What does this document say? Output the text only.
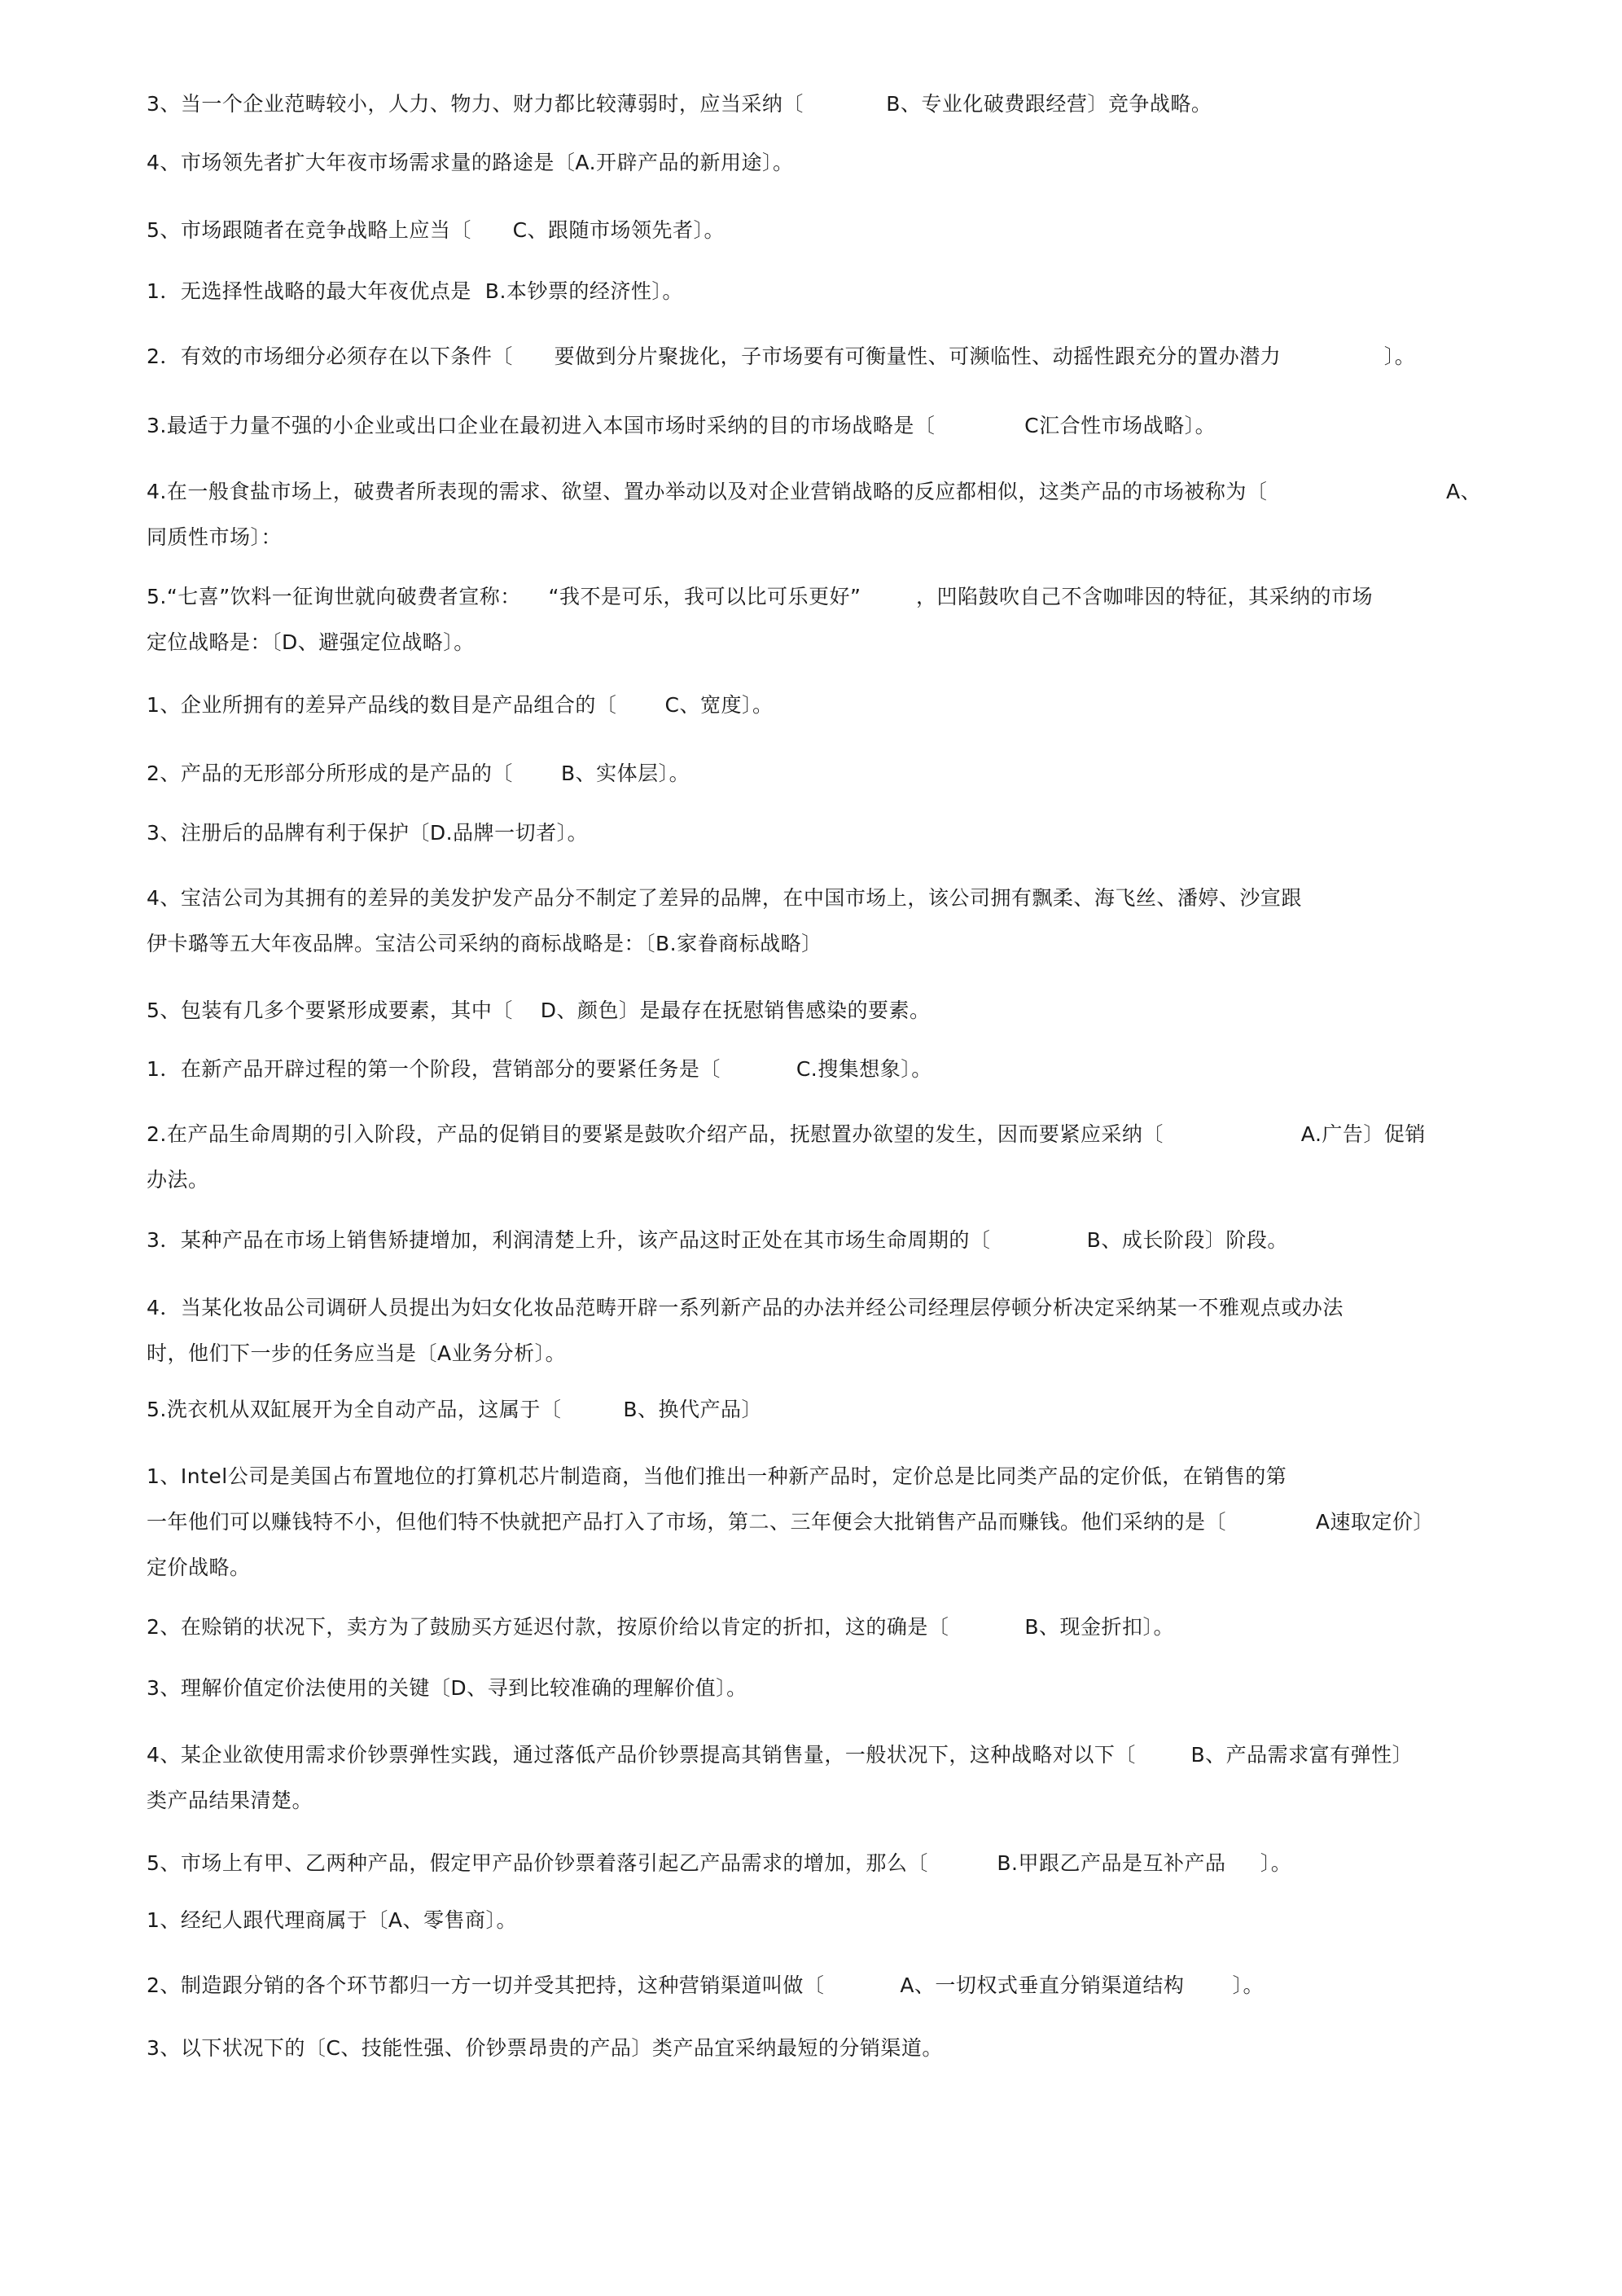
3、当一个企业范畴较小，人力、物力、财力都比较薄弱时，应当采纳〔            B、专业化破费跟经营〕竞争战略。
4、市场领先者扩大年夜市场需求量的路途是〔A.开辟产品的新用途〕。
5、市场跟随者在竞争战略上应当〔      C、跟随市场领先者〕。
1．无选择性战略的最大年夜优点是  B.本钞票的经济性〕。
2．有效的市场细分必须存在以下条件〔      要做到分片聚拢化，子市场要有可衡量性、可濒临性、动摇性跟充分的置办潜力               〕。
3.最适于力量不强的小企业或出口企业在最初进入本国市场时采纳的目的市场战略是〔             C汇合性市场战略〕。
4.在一般食盐市场上，破费者所表现的需求、欲望、置办举动以及对企业营销战略的反应都相似，这类产品的市场被称为〔                          A、
同质性市场〕：
5.“七喜”饮料一征询世就向破费者宣称：    “我不是可乐，我可以比可乐更好”        ，凹陷鼓吹自己不含咖啡因的特征，其采纳的市场
定位战略是：〔D、避强定位战略〕。
1、企业所拥有的差异产品线的数目是产品组合的〔       C、宽度〕。
2、产品的无形部分所形成的是产品的〔       B、实体层〕。
3、注册后的品牌有利于保护〔D.品牌一切者〕。
4、宝洁公司为其拥有的差异的美发护发产品分不制定了差异的品牌，在中国市场上，该公司拥有飘柔、海飞丝、潘婷、沙宣跟
伊卡璐等五大年夜品牌。宝洁公司采纳的商标战略是：〔B.家眷商标战略〕
5、包装有几多个要紧形成要素，其中〔    D、颜色〕是最存在抚慰销售感染的要素。
1．在新产品开辟过程的第一个阶段，营销部分的要紧任务是〔           C.搜集想象〕。
2.在产品生命周期的引入阶段，产品的促销目的要紧是鼓吹介绍产品，抚慰置办欲望的发生，因而要紧应采纳〔                    A.广告〕促销
办法。
3．某种产品在市场上销售矫捷增加，利润清楚上升，该产品这时正处在其市场生命周期的〔              B、成长阶段〕阶段。
4．当某化妆品公司调研人员提出为妇女化妆品范畴开辟一系列新产品的办法并经公司经理层停顿分析决定采纳某一不雅观点或办法
时，他们下一步的任务应当是〔A业务分析〕。
5.洗衣机从双缸展开为全自动产品，这属于〔         B、换代产品〕
1、Intel公司是美国占布置地位的打算机芯片制造商，当他们推出一种新产品时，定价总是比同类产品的定价低，在销售的第
一年他们可以赚钱特不小，但他们特不快就把产品打入了市场，第二、三年便会大批销售产品而赚钱。他们采纳的是〔             A速取定价〕
定价战略。
2、在赊销的状况下，卖方为了鼓励买方延迟付款，按原价给以肯定的折扣，这的确是〔           B、现金折扣〕。
3、理解价值定价法使用的关键〔D、寻到比较准确的理解价值〕。
4、某企业欲使用需求价钞票弹性实践，通过落低产品价钞票提高其销售量，一般状况下，这种战略对以下〔        B、产品需求富有弹性〕
类产品结果清楚。
5、市场上有甲、乙两种产品，假定甲产品价钞票着落引起乙产品需求的增加，那么〔          B.甲跟乙产品是互补产品     〕。
1、经纪人跟代理商属于〔A、零售商〕。
2、制造跟分销的各个环节都归一方一切并受其把持，这种营销渠道叫做〔           A、一切权式垂直分销渠道结构       〕。
3、以下状况下的〔C、技能性强、价钞票昂贵的产品〕类产品宜采纳最短的分销渠道。
